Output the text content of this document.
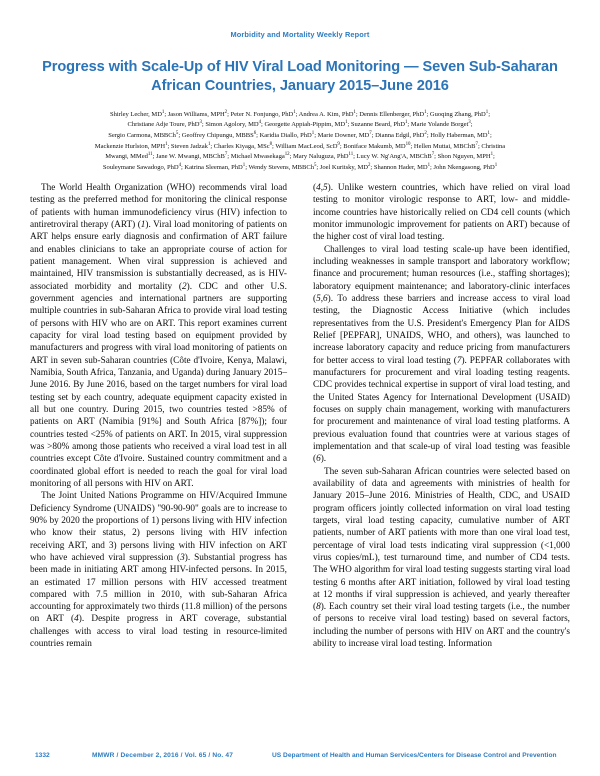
Morbidity and Mortality Weekly Report
Progress with Scale-Up of HIV Viral Load Monitoring — Seven Sub-Saharan African Countries, January 2015–June 2016
Shirley Lecher, $MD^1$; Jason Williams, MPH$^2$; Peter N. Fonjungo, PhD$^1$; Andrea A. Kim, PhD$^1$; Dennis Ellenberger, PhD$^1$; Guoqing Zhang, PhD$^1$;
Christiane Adje Toure, PhD$^3$; Simon Agolory, $MD^4$; Georgette Appiah-Pippim, $MD^1$; Suzanne Beard, PhD$^1$; Marie Yolande Borget$^3$;
Sergio Carmona, MBBCh$^5$; Geoffrey Chipungu, MBBS$^6$; Karidia Diallo, PhD$^1$; Marie Downer, $MD^7$; Dianna Edgil, PhD$^2$; Holly Haberman, $MD^1$;
Mackenzie Hurlston, MPH$^1$; Steven Jadzak$^1$; Charles Kiyaga, MSc$^8$; William MacLeod, ScD$^9$; Boniface Makumb, MD$^{10}$; Hellen Muttai, MBChB$^7$; Christina
Mwangi, MMed$^{11}$; Jane W. Mwangi, MBChB$^7$; Michael Mwasekaga$^{12}$; Mary Naluguza, PhD$^{11}$; Lucy W. Ng'Ang'A, MBChB$^7$; Shon Nguyen, MPH$^1$;
Souleymane Sawadogo, PhD$^4$; Katrina Sleeman, PhD$^1$; Wendy Stevens, MBBCh$^5$; Joel Kuritsky, $MD^2$; Shannon Hader, $MD^1$; John Nkengasong, PhD$^1$

The World Health Organization (WHO) recommends viral load testing as the preferred method for monitoring the clinical response of patients with human immunodeficiency virus (HIV) infection to antiretroviral therapy (ART) (1). Viral load monitoring of patients on ART helps ensure early diagnosis and confirmation of ART failure and enables clinicians to take an appropriate course of action for patient management. When viral suppression is achieved and maintained, HIV transmission is substantially decreased, as is HIV-associated morbidity and mortality (2). CDC and other U.S. government agencies and international partners are supporting multiple countries in sub-Saharan Africa to provide viral load testing of persons with HIV who are on ART. This report examines current capacity for viral load testing based on equipment provided by manufacturers and progress with viral load monitoring of patients on ART in seven sub-Saharan countries (Côte d'Ivoire, Kenya, Malawi, Namibia, South Africa, Tanzania, and Uganda) during January 2015–June 2016. By June 2016, based on the target numbers for viral load testing set by each country, adequate equipment capacity existed in all but one country. During 2015, two countries tested >85% of patients on ART (Namibia [91%] and South Africa [87%]); four countries tested <25% of patients on ART. In 2015, viral suppression was >80% among those patients who received a viral load test in all countries except Côte d'Ivoire. Sustained country commitment and a coordinated global effort is needed to reach the goal for viral load monitoring of all persons with HIV on ART.

The Joint United Nations Programme on HIV/Acquired Immune Deficiency Syndrome (UNAIDS) "90-90-90" goals are to increase to 90% by 2020 the proportions of 1) persons living with HIV infection who know their status, 2) persons living with HIV infection receiving ART, and 3) persons living with HIV infection on ART who have achieved viral suppression (3). Substantial progress has been made in initiating ART among HIV-infected persons. In 2015, an estimated 17 million persons with HIV accessed treatment compared with 7.5 million in 2010, with sub-Saharan Africa accounting for approximately two thirds (11.8 million) of the persons on ART (4). Despite progress in ART coverage, substantial challenges with access to viral load testing in resource-limited countries remain

(4,5). Unlike western countries, which have relied on viral load testing to monitor virologic response to ART, low- and middle-income countries have historically relied on CD4 cell counts (which monitor immunologic improvement for patients on ART) because of the higher cost of viral load testing.

Challenges to viral load testing scale-up have been identified, including weaknesses in sample transport and laboratory workflow; finance and procurement; human resources (i.e., staffing shortages); laboratory equipment maintenance; and laboratory-clinic interfaces (5,6). To address these barriers and increase access to viral load testing, the Diagnostic Access Initiative (which includes representatives from the U.S. President's Emergency Plan for AIDS Relief [PEPFAR], UNAIDS, WHO, and others), was launched to increase laboratory capacity and reduce pricing from manufacturers for better access to viral load testing (7). PEPFAR collaborates with manufacturers for procurement and viral loading testing reagents. CDC provides technical expertise in support of viral load testing, and the United States Agency for International Development (USAID) focuses on supply chain management, working with manufacturers for procurement and maintenance of viral load testing platforms. A previous evaluation found that countries were at various stages of implementation and that scale-up of viral load testing was feasible (6).

The seven sub-Saharan African countries were selected based on availability of data and agreements with ministries of health for January 2015–June 2016. Ministries of Health, CDC, and USAID program officers jointly collected information on viral load testing targets, viral load testing capacity, cumulative number of ART patients, number of ART patients with more than one viral load test, percentage of viral load tests indicating viral suppression (<1,000 virus copies/mL), test turnaround time, and number of CD4 tests. The WHO algorithm for viral load testing suggests starting viral load testing 6 months after ART initiation, followed by viral load testing at 12 months if viral suppression is achieved, and yearly thereafter (8). Each country set their viral load testing targets (i.e., the number of persons to receive viral load testing) based on several factors, including the number of persons with HIV on ART and the country's ability to increase viral load testing. Information

1332	MMWR / December 2, 2016 / Vol. 65 / No. 47	US Department of Health and Human Services/Centers for Disease Control and Prevention
